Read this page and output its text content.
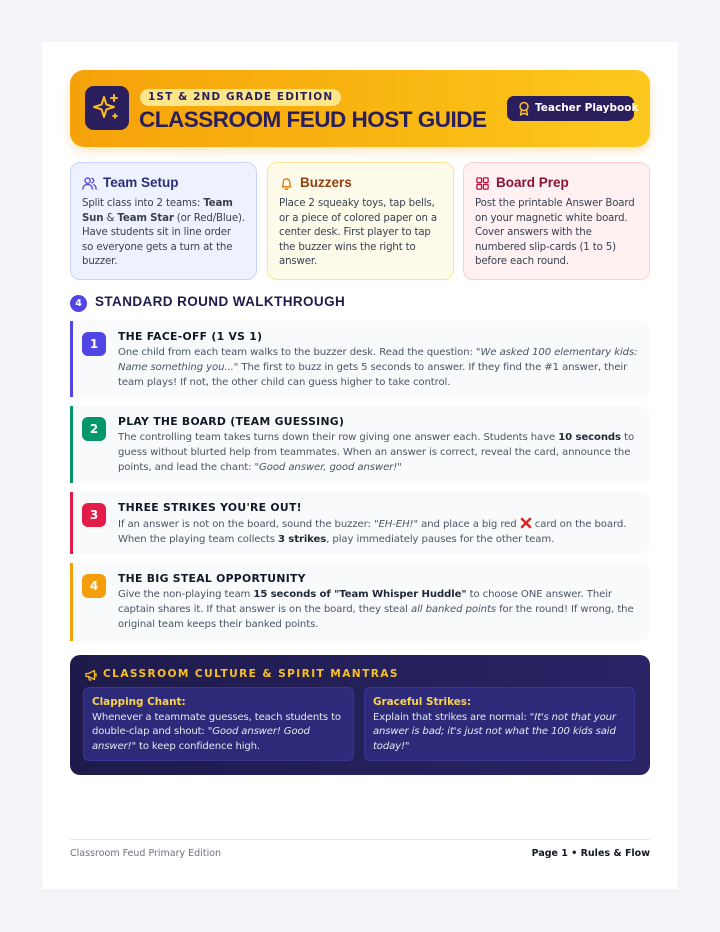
1ST & 2ND GRADE EDITION
CLASSROOM FEUD HOST GUIDE	Teacher Playbook
Team Setup
Split class into 2 teams: Team Sun & Team Star (or Red/Blue). Have students sit in line order so everyone gets a turn at the buzzer.
Buzzers
Place 2 squeaky toys, tap bells, or a piece of colored paper on a center desk. First player to tap the buzzer wins the right to answer.
Board Prep
Post the printable Answer Board on your magnetic white board. Cover answers with the numbered slip-cards (1 to 5) before each round.
4 STANDARD ROUND WALKTHROUGH
1
THE FACE-OFF (1 VS 1)
One child from each team walks to the buzzer desk. Read the question: "We asked 100 elementary kids: Name something you..." The first to buzz in gets 5 seconds to answer. If they find the #1 answer, their team plays! If not, the other child can guess higher to take control.
2
PLAY THE BOARD (TEAM GUESSING)
The controlling team takes turns down their row giving one answer each. Students have 10 seconds to guess without blurted help from teammates. When an answer is correct, reveal the card, announce the points, and lead the chant: "Good answer, good answer!"
3
THREE STRIKES YOU'RE OUT!
If an answer is not on the board, sound the buzzer: "EH-EH!" and place a big red  card on the board. When the playing team collects 3 strikes, play immediately pauses for the other team.
4
THE BIG STEAL OPPORTUNITY
Give the non-playing team 15 seconds of "Team Whisper Huddle" to choose ONE answer. Their captain shares it. If that answer is on the board, they steal all banked points for the round! If wrong, the original team keeps their banked points.
CLASSROOM CULTURE & SPIRIT MANTRAS
Clapping Chant:
Whenever a teammate guesses, teach students to double-clap and shout: "Good answer! Good answer!" to keep confidence high.
Graceful Strikes:
Explain that strikes are normal: "It's not that your answer is bad; it's just not what the 100 kids said today!"
Classroom Feud Primary Edition	Page 1 • Rules & Flow
